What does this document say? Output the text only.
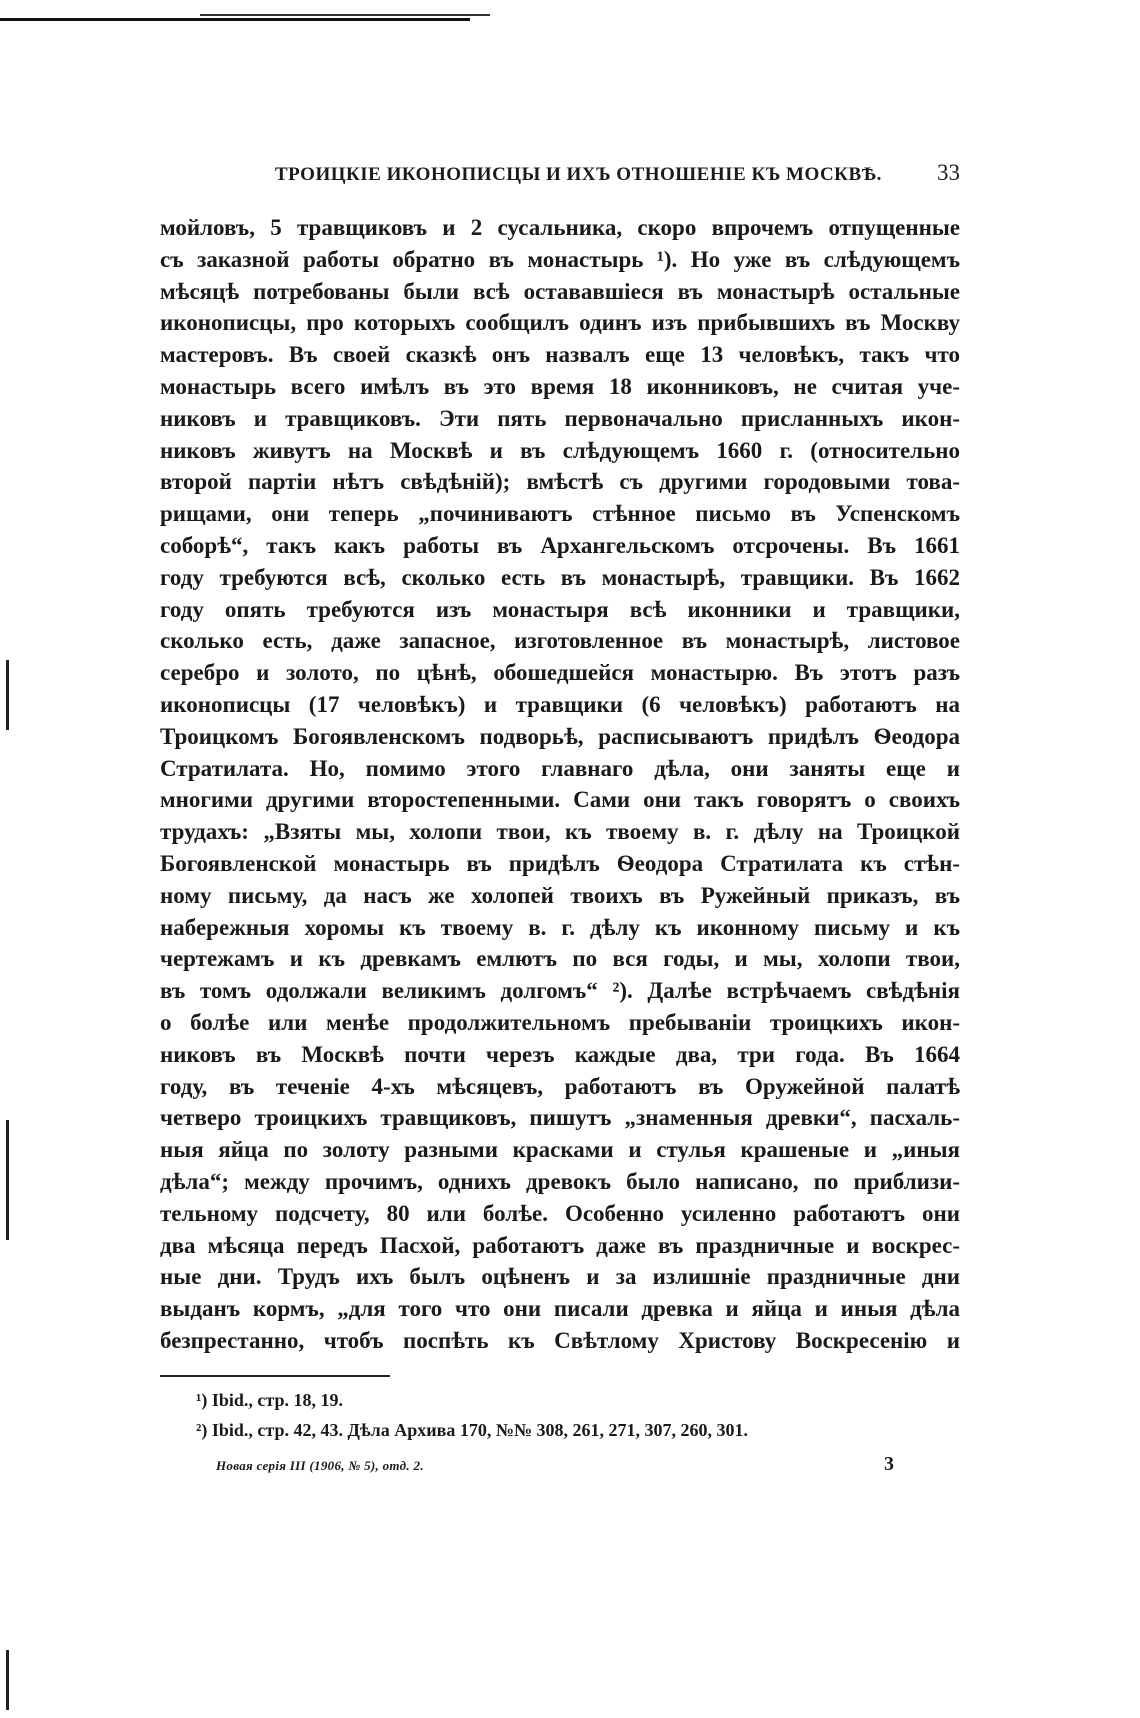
ТРОИЦКІЕ ИКОНОПИСЦЫ И ИХЪ ОТНОШЕНІЕ КЪ МОСКВѢ. 33
мойловъ, 5 травщиковъ и 2 сусальника, скоро впрочемъ отпущенные
съ заказной работы обратно въ монастырь ¹). Но уже въ слѣдующемъ
мѣсяцѣ потребованы были всѣ остававшіеся въ монастырѣ остальные
иконописцы, про которыхъ сообщилъ одинъ изъ прибывшихъ въ Москву
мастеровъ. Въ своей сказкѣ онъ назвалъ еще 13 человѣкъ, такъ что
монастырь всего имѣлъ въ это время 18 иконниковъ, не считая уче-
никовъ и травщиковъ. Эти пять первоначально присланныхъ икон-
никовъ живутъ на Москвѣ и въ слѣдующемъ 1660 г. (относительно
второй партіи нѣтъ свѣдѣній); вмѣстѣ съ другими городовыми това-
рищами, они теперь „починиваютъ стѣнное письмо въ Успенскомъ
соборѣ“, такъ какъ работы въ Архангельскомъ отсрочены. Въ 1661
году требуются всѣ, сколько есть въ монастырѣ, травщики. Въ 1662
году опять требуются изъ монастыря всѣ иконники и травщики,
сколько есть, даже запасное, изготовленное въ монастырѣ, листовое
серебро и золото, по цѣнѣ, обошедшейся монастырю. Въ этотъ разъ
иконописцы (17 человѣкъ) и травщики (6 человѣкъ) работаютъ на
Троицкомъ Богоявленскомъ подворьѣ, расписываютъ придѣлъ Ѳеодора
Стратилата. Но, помимо этого главнаго дѣла, они заняты еще и
многими другими второстепенными. Сами они такъ говорятъ о своихъ
трудахъ: „Взяты мы, холопи твои, къ твоему в. г. дѣлу на Троицкой
Богоявленской монастырь въ придѣлъ Ѳеодора Стратилата къ стѣн-
ному письму, да насъ же холопей твоихъ въ Ружейный приказъ, въ
набережныя хоромы къ твоему в. г. дѣлу къ иконному письму и къ
чертежамъ и къ древкамъ емлютъ по вся годы, и мы, холопи твои,
въ томъ одолжали великимъ долгомъ“ ²). Далѣе встрѣчаемъ свѣдѣнія
о болѣе или менѣе продолжительномъ пребываніи троицкихъ икон-
никовъ въ Москвѣ почти черезъ каждые два, три года. Въ 1664
году, въ теченіе 4-хъ мѣсяцевъ, работаютъ въ Оружейной палатѣ
четверо троицкихъ травщиковъ, пишутъ „знаменныя древки“, пасхаль-
ныя яйца по золоту разными красками и стулья крашеные и „иныя
дѣла“; между прочимъ, однихъ древокъ было написано, по приблизи-
тельному подсчету, 80 или болѣе. Особенно усиленно работаютъ они
два мѣсяца передъ Пасхой, работаютъ даже въ праздничные и воскрес-
ные дни. Трудъ ихъ былъ оцѣненъ и за излишніе праздничные дни
выданъ кормъ, „для того что они писали древка и яйца и иныя дѣла
безпрестанно, чтобъ поспѣть къ Свѣтлому Христову Воскресенію и
¹) Ibid., стр. 18, 19.
²) Ibid., стр. 42, 43. Дѣла Архива 170, №№ 308, 261, 271, 307, 260, 301.
Новая серія III (1906, № 5), отд. 2.	3
